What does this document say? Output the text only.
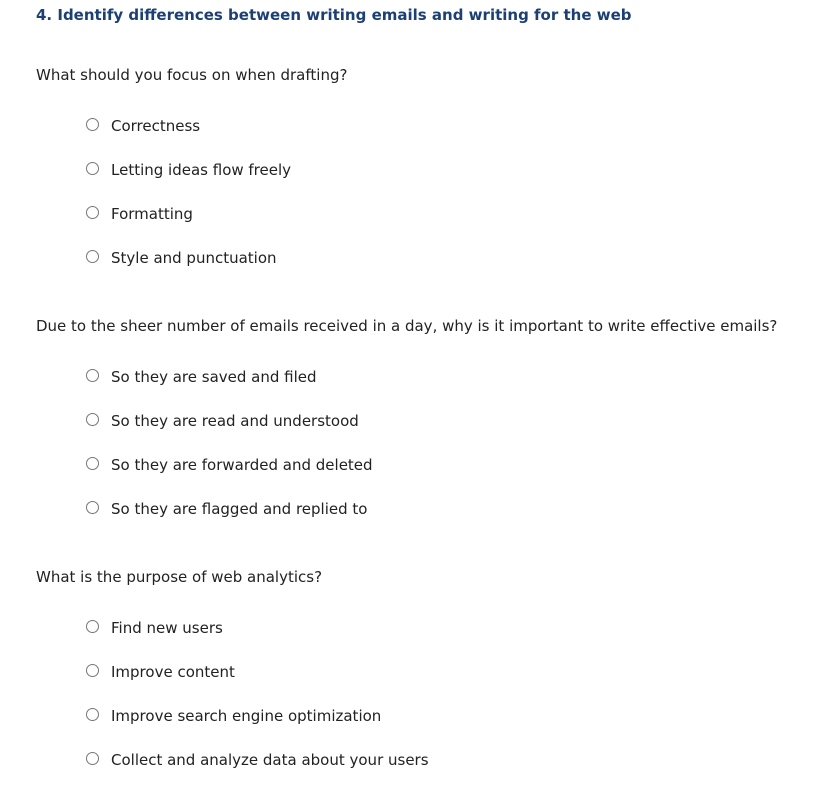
4. Identify differences between writing emails and writing for the web

What should you focus on when drafting?

Correctness
Letting ideas flow freely
Formatting
Style and punctuation

Due to the sheer number of emails received in a day, why is it important to write effective emails?

So they are saved and filed
So they are read and understood
So they are forwarded and deleted
So they are flagged and replied to

What is the purpose of web analytics?

Find new users
Improve content
Improve search engine optimization
Collect and analyze data about your users
